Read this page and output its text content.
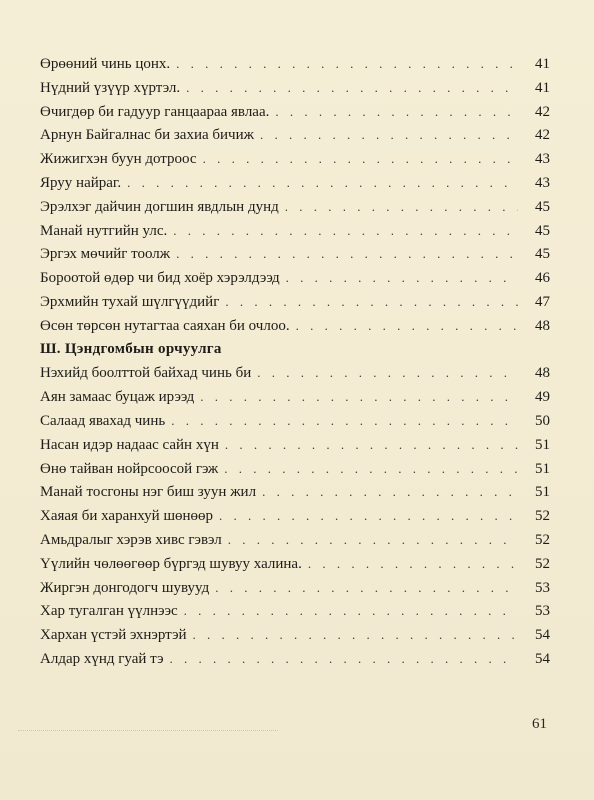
Өрөөний чинь цонх. . . .	41
Нүдний үзүүр хүртэл. . . .	41
Өчигдөр би гадуур ганцаараа явлаа. . . .	42
Арнун Байгалнас би захиа бичиж . . .	42
Жижигхэн буун дотроос . . .	43
Яруу найраг. . . .	43
Эрэлхэг дайчин догшин явдлын дунд . . .	45
Манай нутгийн улс. . . .	45
Эргэх мөчийг тоолж . . .	45
Бороотой өдөр чи бид хоёр хэрэлдээд . . .	46
Эрхмийн тухай шүлгүүдийг . . .	47
Өсөн төрсөн нутагтаа саяхан би очлоо. . . .	48
Ш. Цэндгомбын орчуулга
Нэхийд боолттой байхад чинь би . . .	48
Аян замаас буцаж ирээд . . .	49
Салаад явахад чинь . . .	50
Насан идэр надаас сайн хүн . . .	51
Өнө тайван нойрсоосой гэж . . .	51
Манай тосгоны нэг биш зуун жил . . .	51
Хаяая би харанхуй шөнөөр . . .	52
Амьдралыг хэрэв хивс гэвэл . . .	52
Үүлийн чөлөөгөөр бүргэд шувуу халина. . . .	52
Жиргэн донгодогч шувууд . . .	53
Хар тугалган үүлнээс . . .	53
Хархан үстэй эхнэртэй . . .	54
Алдар хүнд гуай тэ . . .	54
61
